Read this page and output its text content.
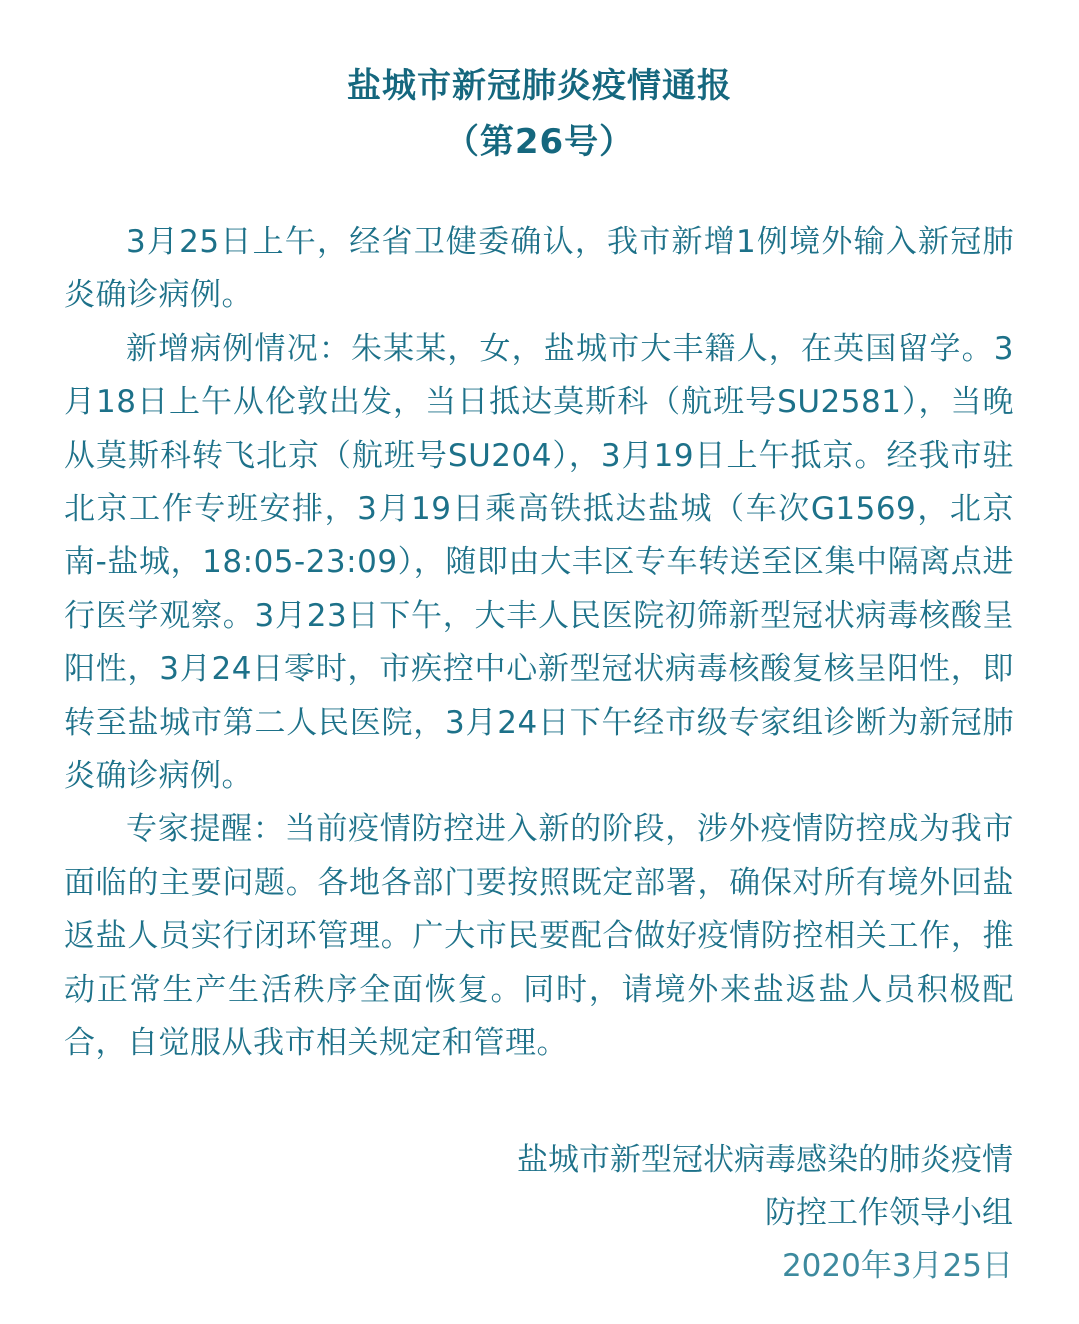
盐城市新冠肺炎疫情通报
（第26号）

3月25日上午，经省卫健委确认，我市新增1例境外输入新冠肺炎确诊病例。

新增病例情况：朱某某，女，盐城市大丰籍人，在英国留学。3月18日上午从伦敦出发，当日抵达莫斯科（航班号SU2581），当晚从莫斯科转飞北京（航班号SU204），3月19日上午抵京。经我市驻北京工作专班安排，3月19日乘高铁抵达盐城（车次G1569，北京南-盐城，18:05-23:09），随即由大丰区专车转送至区集中隔离点进行医学观察。3月23日下午，大丰人民医院初筛新型冠状病毒核酸呈阳性，3月24日零时，市疾控中心新型冠状病毒核酸复核呈阳性，即转至盐城市第二人民医院，3月24日下午经市级专家组诊断为新冠肺炎确诊病例。

专家提醒：当前疫情防控进入新的阶段，涉外疫情防控成为我市面临的主要问题。各地各部门要按照既定部署，确保对所有境外回盐返盐人员实行闭环管理。广大市民要配合做好疫情防控相关工作，推动正常生产生活秩序全面恢复。同时，请境外来盐返盐人员积极配合，自觉服从我市相关规定和管理。

盐城市新型冠状病毒感染的肺炎疫情
防控工作领导小组
2020年3月25日
